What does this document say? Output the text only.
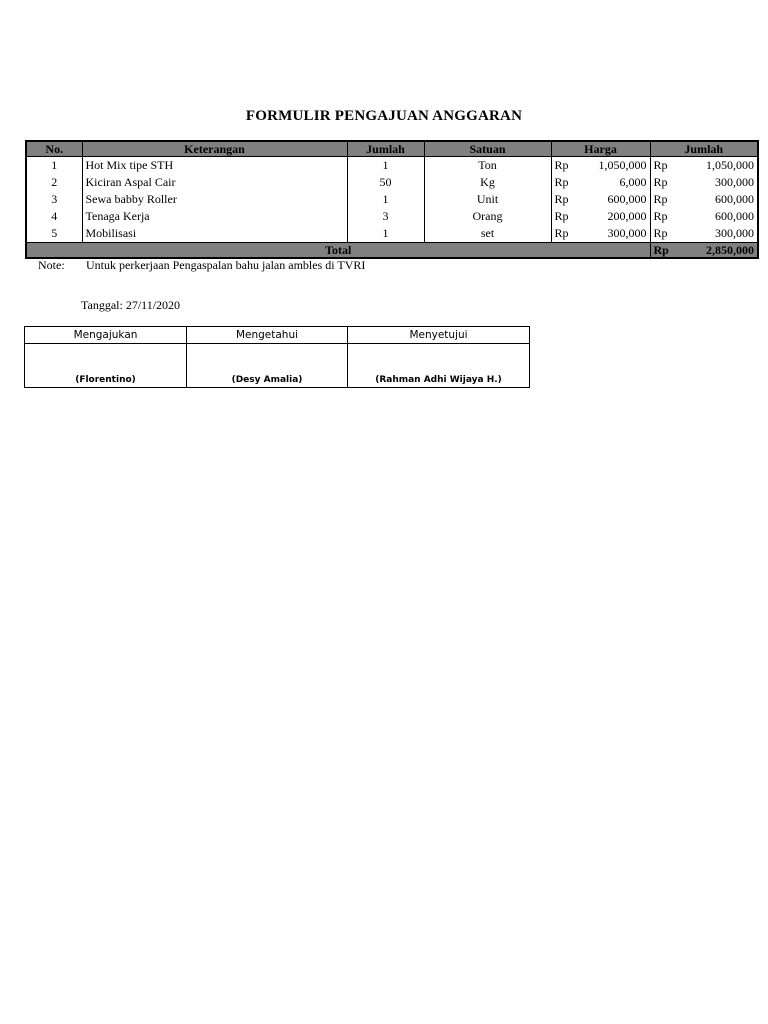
FORMULIR PENGAJUAN ANGGARAN
No.	Keterangan	Jumlah	Satuan	Harga		Jumlah	
1	Hot Mix tipe STH	1	Ton	Rp	1,050,000	Rp	1,050,000
2	Kiciran Aspal Cair	50	Kg	Rp	6,000	Rp	300,000
3	Sewa babby Roller	1	Unit	Rp	600,000	Rp	600,000
4	Tenaga Kerja	3	Orang	Rp	200,000	Rp	600,000
5	Mobilisasi	1	set	Rp	300,000	Rp	300,000
Total						Rp	2,850,000
Note: Untuk perkerjaan Pengaspalan bahu jalan ambles di TVRI
Tanggal: 27/11/2020
Mengajukan	Mengetahui	Menyetujui
(Florentino)	(Desy Amalia)	(Rahman Adhi Wijaya H.)
